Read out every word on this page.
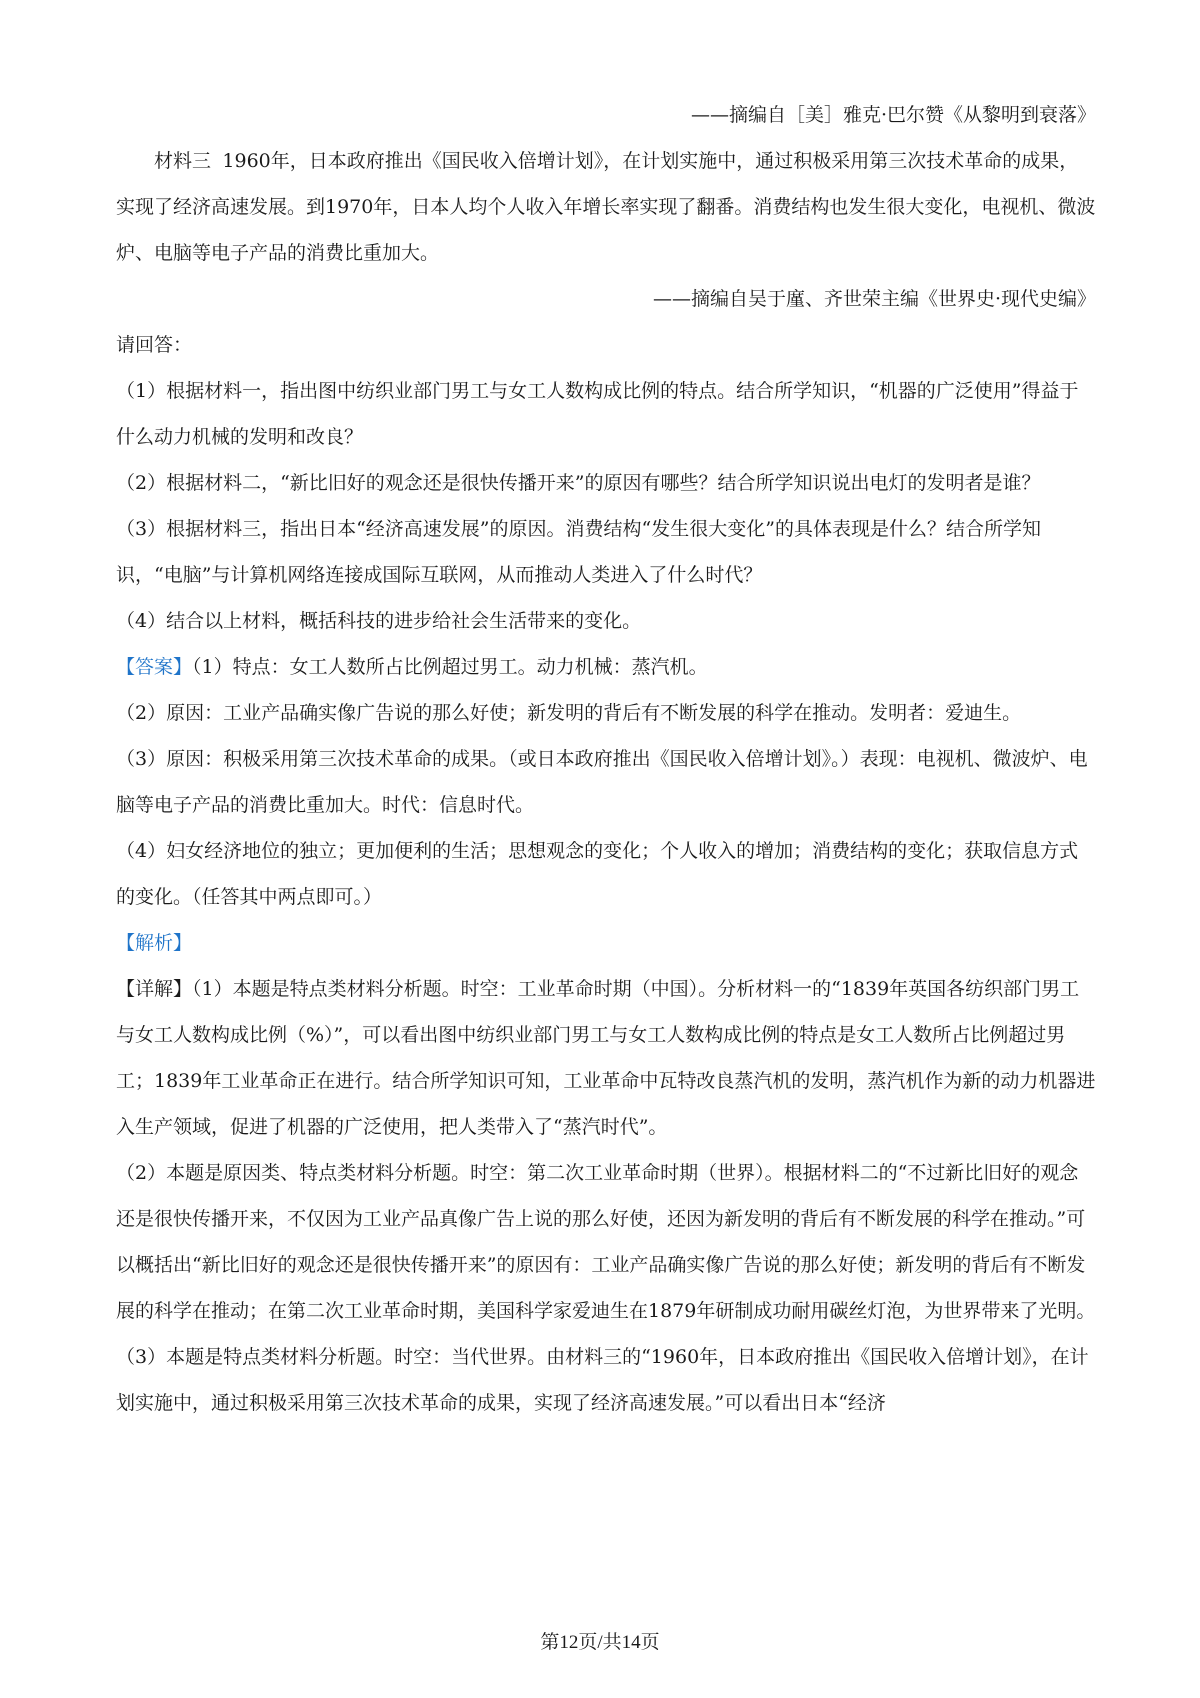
——摘编自［美］雅克·巴尔赞《从黎明到衰落》

材料三 1960年，日本政府推出《国民收入倍增计划》，在计划实施中，通过积极采用第三次技术革命的成果，实现了经济高速发展。到1970年，日本人均个人收入年增长率实现了翻番。消费结构也发生很大变化，电视机、微波炉、电脑等电子产品的消费比重加大。

——摘编自吴于廑、齐世荣主编《世界史·现代史编》

请回答：

（1）根据材料一，指出图中纺织业部门男工与女工人数构成比例的特点。结合所学知识，“机器的广泛使用”得益于什么动力机械的发明和改良？

（2）根据材料二，“新比旧好的观念还是很快传播开来”的原因有哪些？结合所学知识说出电灯的发明者是谁？

（3）根据材料三，指出日本“经济高速发展”的原因。消费结构“发生很大变化”的具体表现是什么？结合所学知识，“电脑”与计算机网络连接成国际互联网，从而推动人类进入了什么时代？

（4）结合以上材料，概括科技的进步给社会生活带来的变化。

【答案】（1）特点：女工人数所占比例超过男工。动力机械：蒸汽机。

（2）原因：工业产品确实像广告说的那么好使；新发明的背后有不断发展的科学在推动。发明者：爱迪生。

（3）原因：积极采用第三次技术革命的成果。（或日本政府推出《国民收入倍增计划》。）表现：电视机、微波炉、电脑等电子产品的消费比重加大。时代：信息时代。

（4）妇女经济地位的独立；更加便利的生活；思想观念的变化；个人收入的增加；消费结构的变化；获取信息方式的变化。（任答其中两点即可。）

【解析】

【详解】（1）本题是特点类材料分析题。时空：工业革命时期（中国）。分析材料一的“1839年英国各纺织部门男工与女工人数构成比例（%）”，可以看出图中纺织业部门男工与女工人数构成比例的特点是女工人数所占比例超过男工；1839年工业革命正在进行。结合所学知识可知，工业革命中瓦特改良蒸汽机的发明，蒸汽机作为新的动力机器进入生产领域，促进了机器的广泛使用，把人类带入了“蒸汽时代”。

（2）本题是原因类、特点类材料分析题。时空：第二次工业革命时期（世界）。根据材料二的“不过新比旧好的观念还是很快传播开来，不仅因为工业产品真像广告上说的那么好使，还因为新发明的背后有不断发展的科学在推动。”可以概括出“新比旧好的观念还是很快传播开来”的原因有：工业产品确实像广告说的那么好使；新发明的背后有不断发展的科学在推动；在第二次工业革命时期，美国科学家爱迪生在1879年研制成功耐用碳丝灯泡，为世界带来了光明。

（3）本题是特点类材料分析题。时空：当代世界。由材料三的“1960年，日本政府推出《国民收入倍增计划》，在计划实施中，通过积极采用第三次技术革命的成果，实现了经济高速发展。”可以看出日本“经济

第12页/共14页
